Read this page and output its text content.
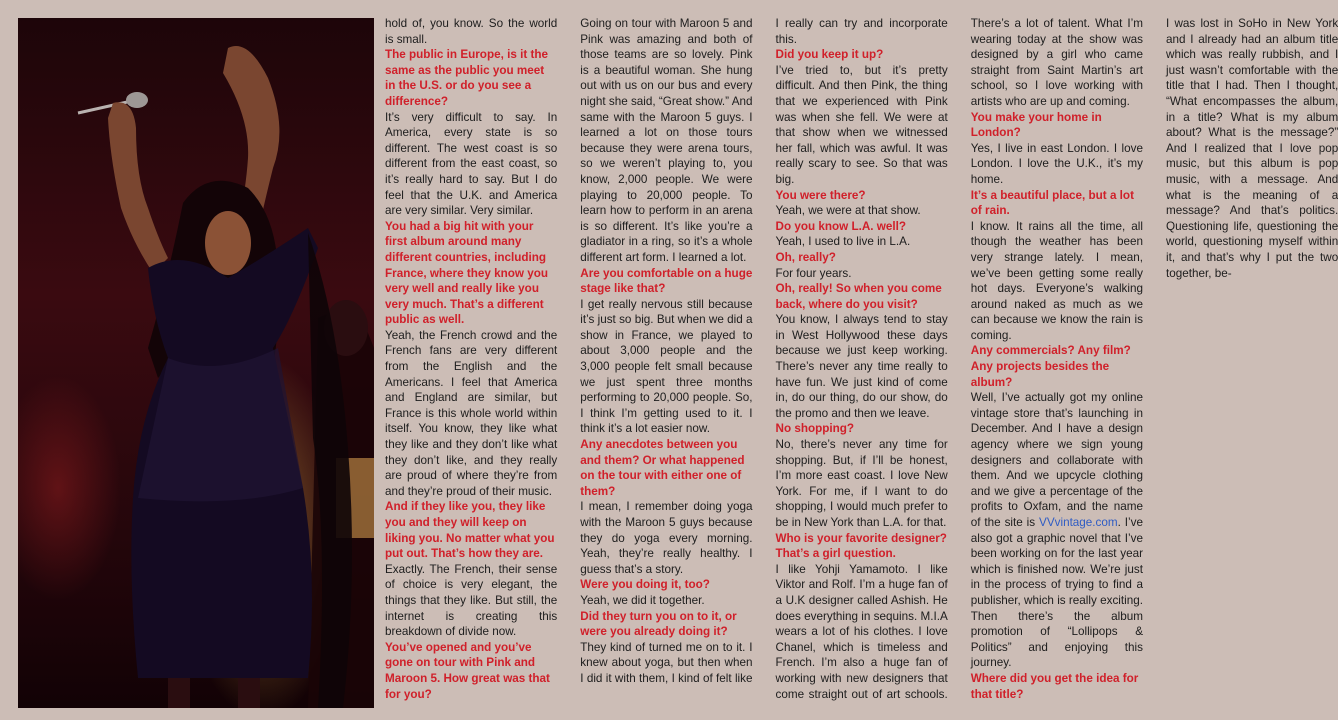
hold of, you know. So the world is small.

The public in Europe, is it the same as the public you meet in the U.S. or do you see a difference?

It’s very difficult to say. In America, every state is so different. The west coast is so different from the east coast, so it’s really hard to say. But I do feel that the U.K. and America are very similar. Very similar.

You had a big hit with your first album around many different countries, including France, where they know you very well and really like you very much. That’s a different public as well.

Yeah, the French crowd and the French fans are very different from the English and the Americans. I feel that America and England are similar, but France is this whole world within itself. You know, they like what they like and they don’t like what they don’t like, and they really are proud of where they’re from and they’re proud of their music.

And if they like you, they like you and they will keep on liking you. No matter what you put out. That’s how they are.

Exactly. The French, their sense of choice is very elegant, the things that they like. But still, the internet is creating this breakdown of divide now.

You’ve opened and you’ve gone on tour with Pink and Maroon 5. How great was that for you?

Going on tour with Maroon 5 and Pink was amazing and both of those teams are so lovely. Pink is a beautiful woman. She hung out with us on our bus and every night she said, “Great show.” And same with the Maroon 5 guys. I learned a lot on those tours because they were arena tours, so we weren’t playing to, you know, 2,000 people. We were playing to 20,000 people. To learn how to perform in an arena is so different. It’s like you’re a gladiator in a ring, so it’s a whole different art form. I learned a lot.

Are you comfortable on a huge stage like that?

I get really nervous still because it’s just so big. But when we did a show in France, we played to about 3,000 people and the 3,000 people felt small because we just spent three months performing to 20,000 people. So, I think I’m getting used to it. I think it’s a lot easier now.

Any anecdotes between you and them? Or what happened on the tour with either one of them?

I mean, I remember doing yoga with the Maroon 5 guys because they do yoga every morning. Yeah, they’re really healthy. I guess that’s a story.

Were you doing it, too?

Yeah, we did it together.

Did they turn you on to it, or were you already doing it?

They kind of turned me on to it. I knew about yoga, but then when I did it with them, I kind of felt like I really can try and incorporate this.

Did you keep it up?

I’ve tried to, but it’s pretty difficult. And then Pink, the thing that we experienced with Pink was when she fell. We were at that show when we witnessed her fall, which was awful. It was really scary to see. So that was big.

You were there?

Yeah, we were at that show.

Do you know L.A. well?

Yeah, I used to live in L.A.

Oh, really?

For four years.

Oh, really! So when you come back, where do you visit?

You know, I always tend to stay in West Hollywood these days because we just keep working. There’s never any time really to have fun. We just kind of come in, do our thing, do our show, do the promo and then we leave.

No shopping?

No, there’s never any time for shopping. But, if I’ll be honest, I’m more east coast. I love New York. For me, if I want to do shopping, I would much prefer to be in New York than L.A. for that.

Who is your favorite designer? That’s a girl question.

I like Yohji Yamamoto. I like Viktor and Rolf. I’m a huge fan of a U.K designer called Ashish. He does everything in sequins. M.I.A wears a lot of his clothes. I love Chanel, which is timeless and French. I’m also a huge fan of working with new designers that come straight out of art schools. There’s a lot of talent. What I’m wearing today at the show was designed by a girl who came straight from Saint Martin’s art school, so I love working with artists who are up and coming.

You make your home in London?

Yes, I live in east London. I love London. I love the U.K., it’s my home.

It’s a beautiful place, but a lot of rain.

I know. It rains all the time, all though the weather has been very strange lately. I mean, we’ve been getting some really hot days. Everyone’s walking around naked as much as we can because we know the rain is coming.

Any commercials? Any film? Any projects besides the album?

Well, I’ve actually got my online vintage store that’s launching in December. And I have a design agency where we sign young designers and collaborate with them. And we upcycle clothing and we give a percentage of the profits to Oxfam, and the name of the site is VVvintage.com. I’ve also got a graphic novel that I’ve been working on for the last year which is finished now. We’re just in the process of trying to find a publisher, which is really exciting. Then there’s the album promotion of “Lollipops & Politics” and enjoying this journey.

Where did you get the idea for that title?

I was lost in SoHo in New York and I already had an album title which was really rubbish, and I just wasn’t comfortable with the title that I had. Then I thought, “What encompasses the album, in a title? What is my album about? What is the message?” And I realized that I love pop music, but this album is pop music, with a message. And what is the meaning of a message? And that’s politics. Questioning life, questioning the world, questioning myself within it, and that’s why I put the two together, be-
